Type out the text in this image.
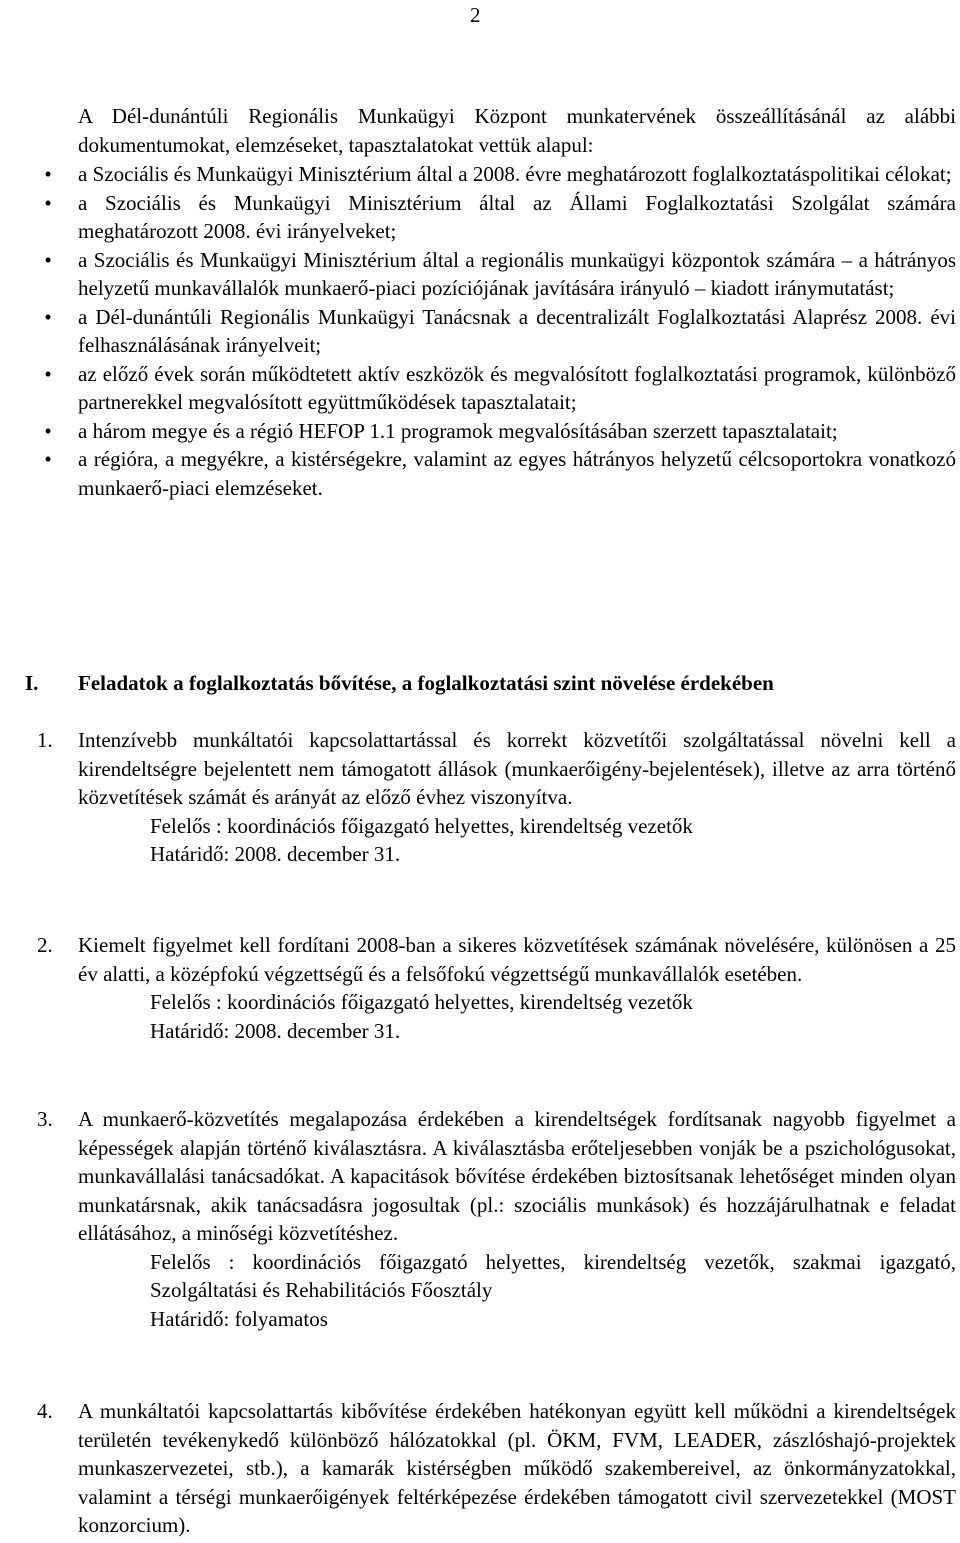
2
A Dél-dunántúli Regionális Munkaügyi Központ munkatervének összeállításánál az alábbi dokumentumokat, elemzéseket, tapasztalatokat vettük alapul:
•	a Szociális és Munkaügyi Minisztérium által a 2008. évre meghatározott foglalkoztatáspolitikai célokat;
•	a Szociális és Munkaügyi Minisztérium által az Állami Foglalkoztatási Szolgálat számára meghatározott 2008. évi irányelveket;
•	a Szociális és Munkaügyi Minisztérium által a regionális munkaügyi központok számára – a hátrányos helyzetű munkavállalók munkaerő-piaci pozíciójának javítására irányuló – kiadott iránymutatást;
•	a Dél-dunántúli Regionális Munkaügyi Tanácsnak a decentralizált Foglalkoztatási Alaprész 2008. évi felhasználásának irányelveit;
•	az előző évek során működtetett aktív eszközök és megvalósított foglalkoztatási programok, különböző partnerekkel megvalósított együttműködések tapasztalatait;
•	a három megye és a régió HEFOP 1.1 programok megvalósításában szerzett tapasztalatait;
•	a régióra, a megyékre, a kistérségekre, valamint az egyes hátrányos helyzetű célcsoportokra vonatkozó munkaerő-piaci elemzéseket.
I. Feladatok a foglalkoztatás bővítése, a foglalkoztatási szint növelése érdekében
1.	Intenzívebb munkáltatói kapcsolattartással és korrekt közvetítői szolgáltatással növelni kell a kirendeltségre bejelentett nem támogatott állások (munkaerőigény-bejelentések), illetve az arra történő közvetítések számát és arányát az előző évhez viszonyítva.
Felelős : koordinációs főigazgató helyettes, kirendeltség vezetők
Határidő: 2008. december 31.
2.	Kiemelt figyelmet kell fordítani 2008-ban a sikeres közvetítések számának növelésére, különösen a 25 év alatti, a középfokú végzettségű és a felsőfokú végzettségű munkavállalók esetében.
Felelős : koordinációs főigazgató helyettes, kirendeltség vezetők
Határidő: 2008. december 31.
3.	A munkaerő-közvetítés megalapozása érdekében a kirendeltségek fordítsanak nagyobb figyelmet a képességek alapján történő kiválasztásra. A kiválasztásba erőteljesebben vonják be a pszichológusokat, munkavállalási tanácsadókat. A kapacitások bővítése érdekében biztosítsanak lehetőséget minden olyan munkatársnak, akik tanácsadásra jogosultak (pl.: szociális munkások) és hozzájárulhatnak e feladat ellátásához, a minőségi közvetítéshez.
Felelős : koordinációs főigazgató helyettes, kirendeltség vezetők, szakmai igazgató, Szolgáltatási és Rehabilitációs Főosztály
Határidő: folyamatos
4.	A munkáltatói kapcsolattartás kibővítése érdekében hatékonyan együtt kell működni a kirendeltségek területén tevékenykedő különböző hálózatokkal (pl. ÖKM, FVM, LEADER, zászlóshajó-projektek munkaszervezetei, stb.), a kamarák kistérségben működő szakembereivel, az önkormányzatokkal, valamint a térségi munkaerőigények feltérképezése érdekében támogatott civil szervezetekkel (MOST konzorcium).
